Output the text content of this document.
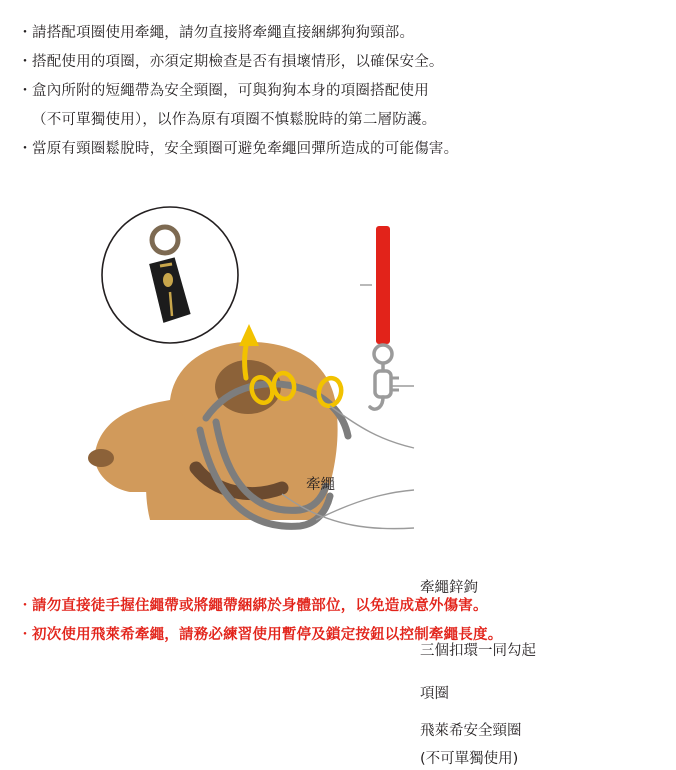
・ 請搭配項圈使用牽繩，請勿直接將牽繩直接綑綁狗狗頸部。
・ 搭配使用的項圈，亦須定期檢查是否有損壞情形，以確保安全。
・ 盒內所附的短繩帶為安全頸圈，可與狗狗本身的項圈搭配使用
（不可單獨使用），以作為原有項圈不慎鬆脫時的第二層防護。
・ 當原有頸圈鬆脫時，安全頸圈可避免牽繩回彈所造成的可能傷害。
牽繩
牽繩鋅鉤
三個扣環一同勾起
項圈
飛萊希安全頸圈
(不可單獨使用)
・ 請勿直接徒手握住繩帶或將繩帶綑綁於身體部位，以免造成意外傷害。
・ 初次使用飛萊希牽繩，請務必練習使用暫停及鎖定按鈕以控制牽繩長度。
